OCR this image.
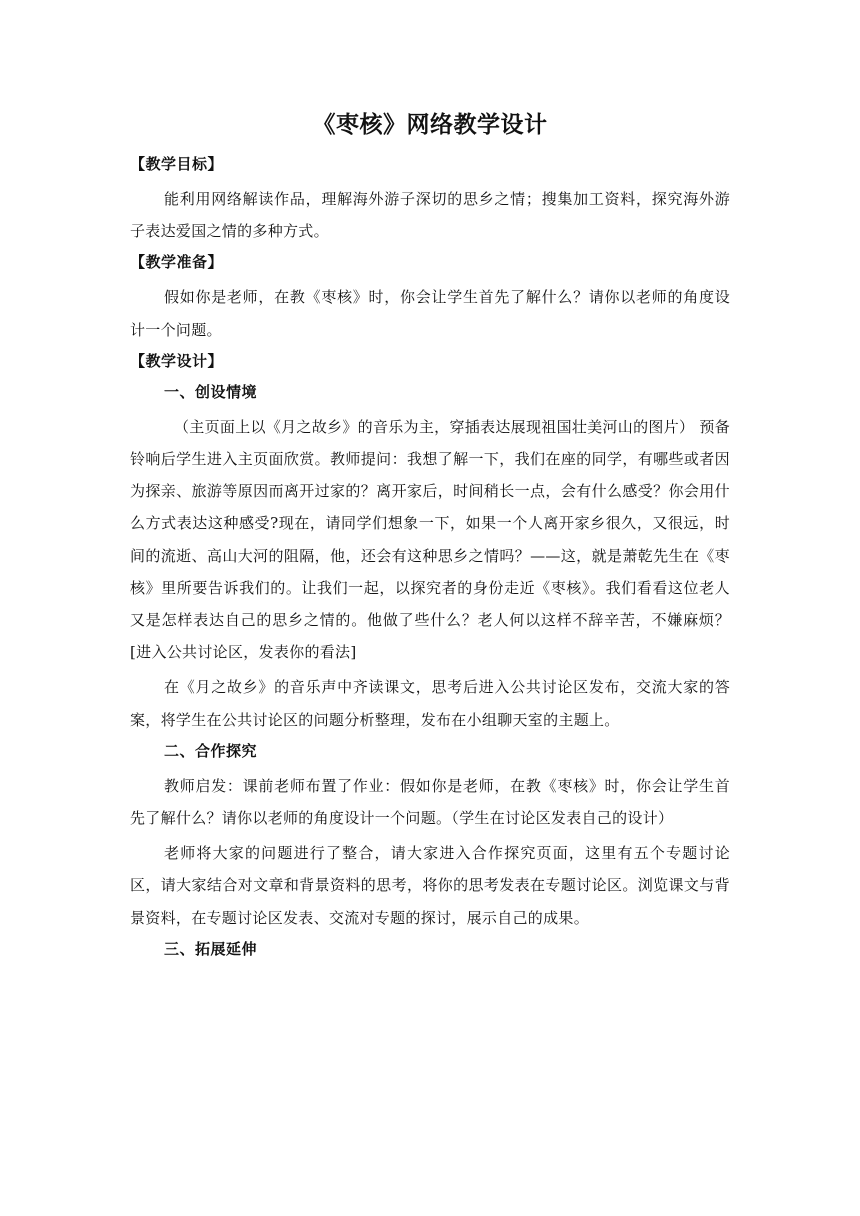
《枣核》网络教学设计
【教学目标】

能利用网络解读作品，理解海外游子深切的思乡之情；搜集加工资料，探究海外游子表达爱国之情的多种方式。

【教学准备】

假如你是老师，在教《枣核》时，你会让学生首先了解什么？请你以老师的角度设计一个问题。

【教学设计】
一、创设情境

（主页面上以《月之故乡》的音乐为主，穿插表达展现祖国壮美河山的图片） 预备铃响后学生进入主页面欣赏。教师提问：我想了解一下，我们在座的同学，有哪些或者因为探亲、旅游等原因而离开过家的？离开家后，时间稍长一点，会有什么感受？你会用什么方式表达这种感受?现在，请同学们想象一下，如果一个人离开家乡很久，又很远，时间的流逝、高山大河的阻隔，他，还会有这种思乡之情吗？——这，就是萧乾先生在《枣核》里所要告诉我们的。让我们一起，以探究者的身份走近《枣核》。我们看看这位老人又是怎样表达自己的思乡之情的。他做了些什么？老人何以这样不辞辛苦，不嫌麻烦？[进入公共讨论区，发表你的看法]

在《月之故乡》的音乐声中齐读课文，思考后进入公共讨论区发布，交流大家的答案，将学生在公共讨论区的问题分析整理，发布在小组聊天室的主题上。

二、合作探究

教师启发：课前老师布置了作业：假如你是老师，在教《枣核》时，你会让学生首先了解什么？请你以老师的角度设计一个问题。（学生在讨论区发表自己的设计）

老师将大家的问题进行了整合，请大家进入合作探究页面，这里有五个专题讨论区，请大家结合对文章和背景资料的思考，将你的思考发表在专题讨论区。浏览课文与背景资料，在专题讨论区发表、交流对专题的探讨，展示自己的成果。

三、拓展延伸
